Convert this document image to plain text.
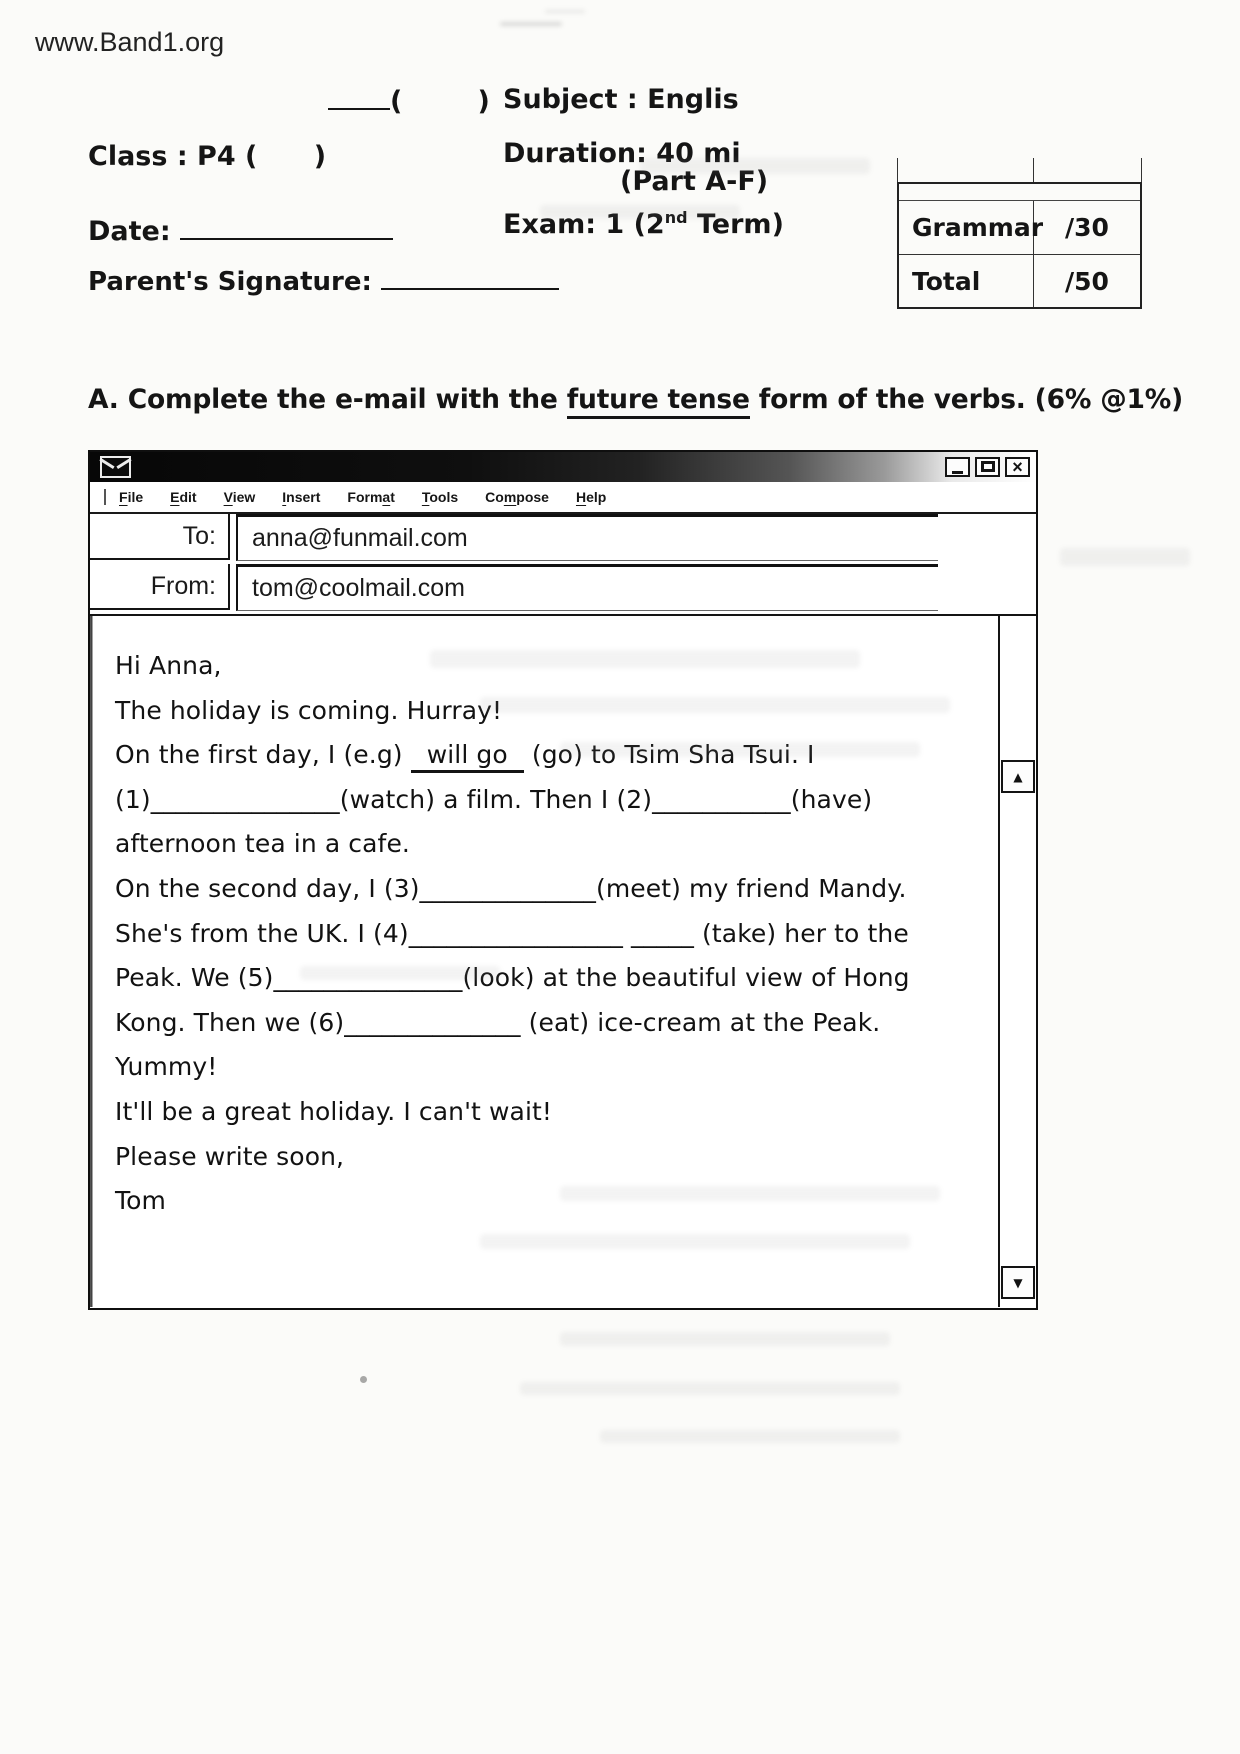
www.Band1.org
(        ) Subject : Englis
Class : P4 (      )	Duration: 40 mi
(Part A-F)
Date:	Exam: 1 (2nd Term)
Parent's Signature:
Grammar /30
Total	/50
A. Complete the e-mail with the future tense form of the verbs. (6% @1%)
×
File Edit View Insert Format Tools Compose Help
To:	anna@funmail.com
From:	tom@coolmail.com
Hi Anna,
The holiday is coming. Hurray!
On the first day, I (e.g) will go (go) to Tsim Sha Tsui. I
(1)_______________(watch) a film. Then I (2)___________(have)
afternoon tea in a cafe.
On the second day, I (3)______________(meet) my friend Mandy.
She's from the UK. I (4)_________________ _____ (take) her to the
Peak. We (5)_______________(look) at the beautiful view of Hong
Kong. Then we (6)______________ (eat) ice-cream at the Peak.
Yummy!
It'll be a great holiday. I can't wait!
Please write soon,
Tom
▲
▼
